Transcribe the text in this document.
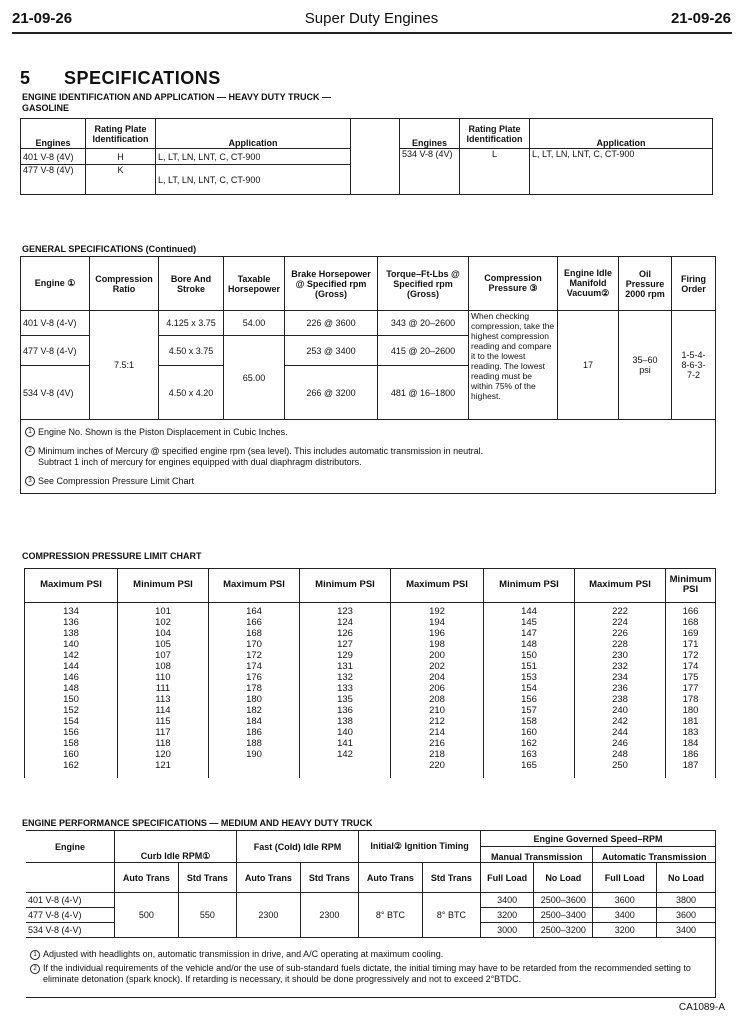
21-09-26	Super Duty Engines	21-09-26
5 SPECIFICATIONS
ENGINE IDENTIFICATION AND APPLICATION — HEAVY DUTY TRUCK —
GASOLINE
Engines	Rating Plate Identification	Application		Engines	Rating Plate Identification	Application
401 V-8 (4V)	H	L, LT, LN, LNT, C, CT-900		534 V-8 (4V)	L	L, LT, LN, LNT, C, CT-900
477 V-8 (4V)	K	L, LT, LN, LNT, C, CT-900				
GENERAL SPECIFICATIONS (Continued)
Engine ①	Compression Ratio	Bore And Stroke	Taxable Horsepower	Brake Horsepower @ Specified rpm (Gross)	Torque–Ft-Lbs @ Specified rpm (Gross)	Compression Pressure ③	Engine Idle Manifold Vacuum②	Oil Pressure 2000 rpm	Firing Order
401 V-8 (4-V)	7.5:1	4.125 x 3.75	54.00	226 @ 3600	343 @ 20–2600	When checking compression, take the highest compression reading and compare it to the lowest reading. The lowest reading must be within 75% of the highest.	17	35–60 psi	1-5-4-8-6-3-7-2
477 V-8 (4-V)		4.50 x 3.75	65.00	253 @ 3400	415 @ 20–2600				
534 V-8 (4V)		4.50 x 4.20		266 @ 3200	481 @ 16–1800				

1 Engine No. Shown is the Piston Displacement in Cubic Inches.
2 Minimum inches of Mercury @ specified engine rpm (sea level). This includes automatic transmission in neutral.
Subtract 1 inch of mercury for engines equipped with dual diaphragm distributors.
3 See Compression Pressure Limit Chart									
COMPRESSION PRESSURE LIMIT CHART
Maximum PSI	Minimum PSI	Maximum PSI	Minimum PSI	Maximum PSI	Minimum PSI	Maximum PSI	Minimum PSI
134	101	164	123	192	144	222	166
136	102	166	124	194	145	224	168
138	104	168	126	196	147	226	169
140	105	170	127	198	148	228	171
142	107	172	129	200	150	230	172
144	108	174	131	202	151	232	174
146	110	176	132	204	153	234	175
148	111	178	133	206	154	236	177
150	113	180	135	208	156	238	178
152	114	182	136	210	157	240	180
154	115	184	138	212	158	242	181
156	117	186	140	214	160	244	183
158	118	188	141	216	162	246	184
160	120	190	142	218	163	248	186
162	121			220	165	250	187

ENGINE PERFORMANCE SPECIFICATIONS — MEDIUM AND HEAVY DUTY TRUCK
Engine	Curb Idle RPM①		Fast (Cold) Idle RPM		Initial② Ignition Timing		Engine Governed Speed–RPM			
							Manual Transmission		Automatic Transmission	
	Auto Trans	Std Trans	Auto Trans	Std Trans	Auto Trans	Std Trans	Full Load	No Load	Full Load	No Load
401 V-8 (4-V)	500	550	2300	2300	8° BTC	8° BTC	3400	2500–3600	3600	3800
477 V-8 (4-V)							3200	2500–3400	3400	3600
534 V-8 (4-V)							3000	2500–3200	3200	3400

1 Adjusted with headlights on, automatic transmission in drive, and A/C operating at maximum cooling.
2 If the individual requirements of the vehicle and/or the use of sub-standard fuels dictate, the initial timing may have to be retarded from the recommended setting to eliminate detonation (spark knock). If retarding is necessary, it should be done progressively and not to exceed 2°BTDC.										
CA1089-A
